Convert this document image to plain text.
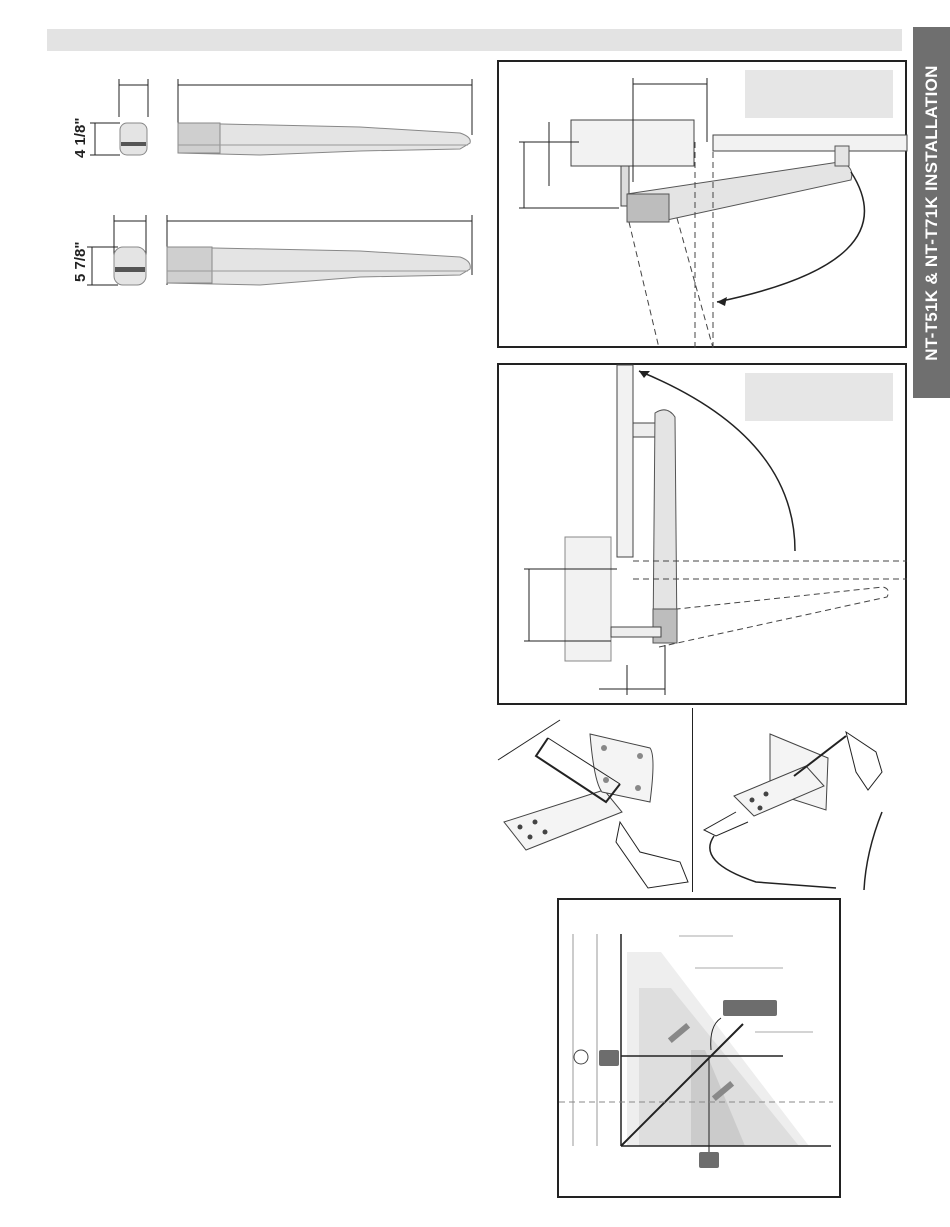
NT-T51K & NT-T71K INSTALLATION
4 1/8"
5 7/8"
